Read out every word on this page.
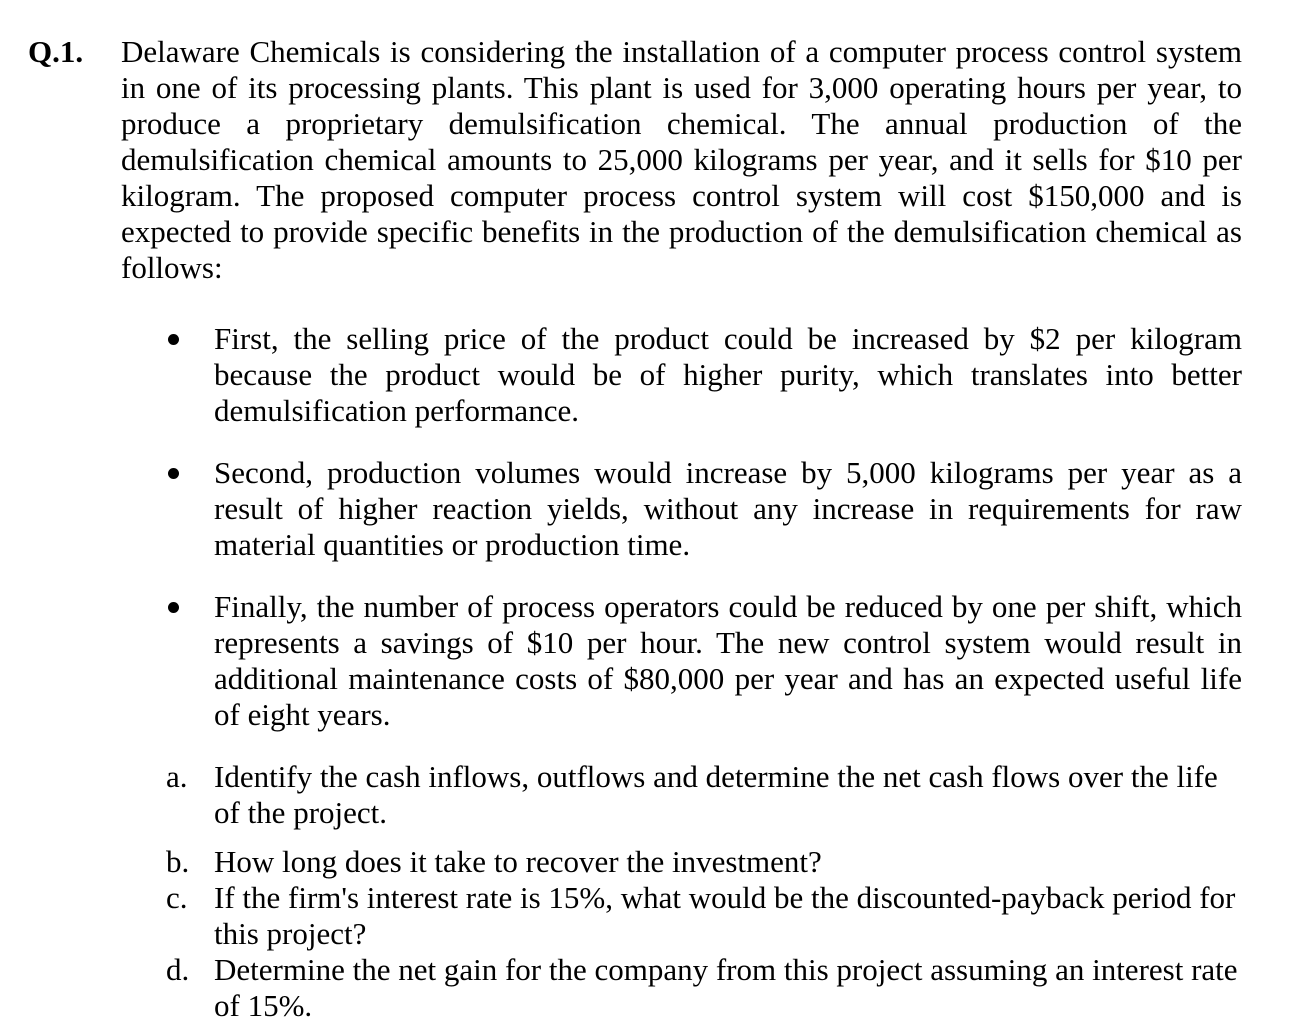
Q.1. Delaware Chemicals is considering the installation of a computer process control system in one of its processing plants. This plant is used for 3,000 operating hours per year, to produce a proprietary demulsification chemical. The annual production of the demulsification chemical amounts to 25,000 kilograms per year, and it sells for $10 per kilogram. The proposed computer process control system will cost $150,000 and is expected to provide specific benefits in the production of the demulsification chemical as follows:
First, the selling price of the product could be increased by $2 per kilogram because the product would be of higher purity, which translates into better demulsification performance.
Second, production volumes would increase by 5,000 kilograms per year as a result of higher reaction yields, without any increase in requirements for raw material quantities or production time.
Finally, the number of process operators could be reduced by one per shift, which represents a savings of $10 per hour. The new control system would result in additional maintenance costs of $80,000 per year and has an expected useful life of eight years.
a. Identify the cash inflows, outflows and determine the net cash flows over the life of the project.
b. How long does it take to recover the investment?
c. If the firm's interest rate is 15%, what would be the discounted-payback period for this project?
d. Determine the net gain for the company from this project assuming an interest rate of 15%.
